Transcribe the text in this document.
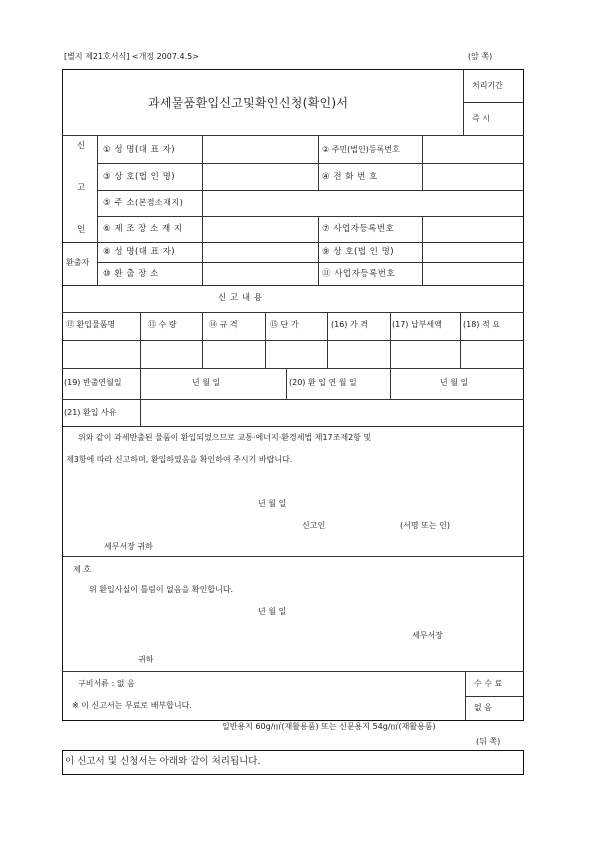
[별지 제21호서식] <개정 2007.4.5>	(앞 쪽)
과세물품환입신고및확인신청(확인)서
처리기간
즉 시
신
고
인
환출자
① 성 명(대 표 자)	② 주민(법인)등록번호
③ 상 호(법 인 명)	④ 전 화 번 호
⑤ 주 소(본점소재지)
⑥ 제 조 장 소 재 지	⑦ 사업자등록번호
⑧ 성 명(대 표 자)	⑨ 상 호(법 인 명)
⑩ 환 출 장 소	⑪ 사업자등록번호
신 고 내 용
⑫ 환입물품명	⑬ 수 량	⑭ 규 격	⑮ 단 가	(16) 가 격	(17) 납부세액	(18) 적 요
(19) 반출연월일	년 월 일	(20) 환 입 연 월 일	년 월 일
(21) 환입 사유
위와 같이 과세반출된 물품이 환입되었으므로 교통·에너지·환경세법 제17조제2항 및
제3항에 따라 신고하며, 환입하였음을 확인하여 주시기 바랍니다.
년 월 일
신고인	(서명 또는 인)
세무서장 귀하
제 호
위 환입사실이 틀림이 없음을 확인합니다.
년 월 일
세무서장
귀하
구비서류 : 없 음
※ 이 신고서는 무료로 배부합니다.
수 수 료
없 음
일반용지 60g/㎡(재활용품) 또는 신문용지 54g/㎡(재활용품)
(뒤 쪽)
이 신고서 및 신청서는 아래와 같이 처리됩니다.
